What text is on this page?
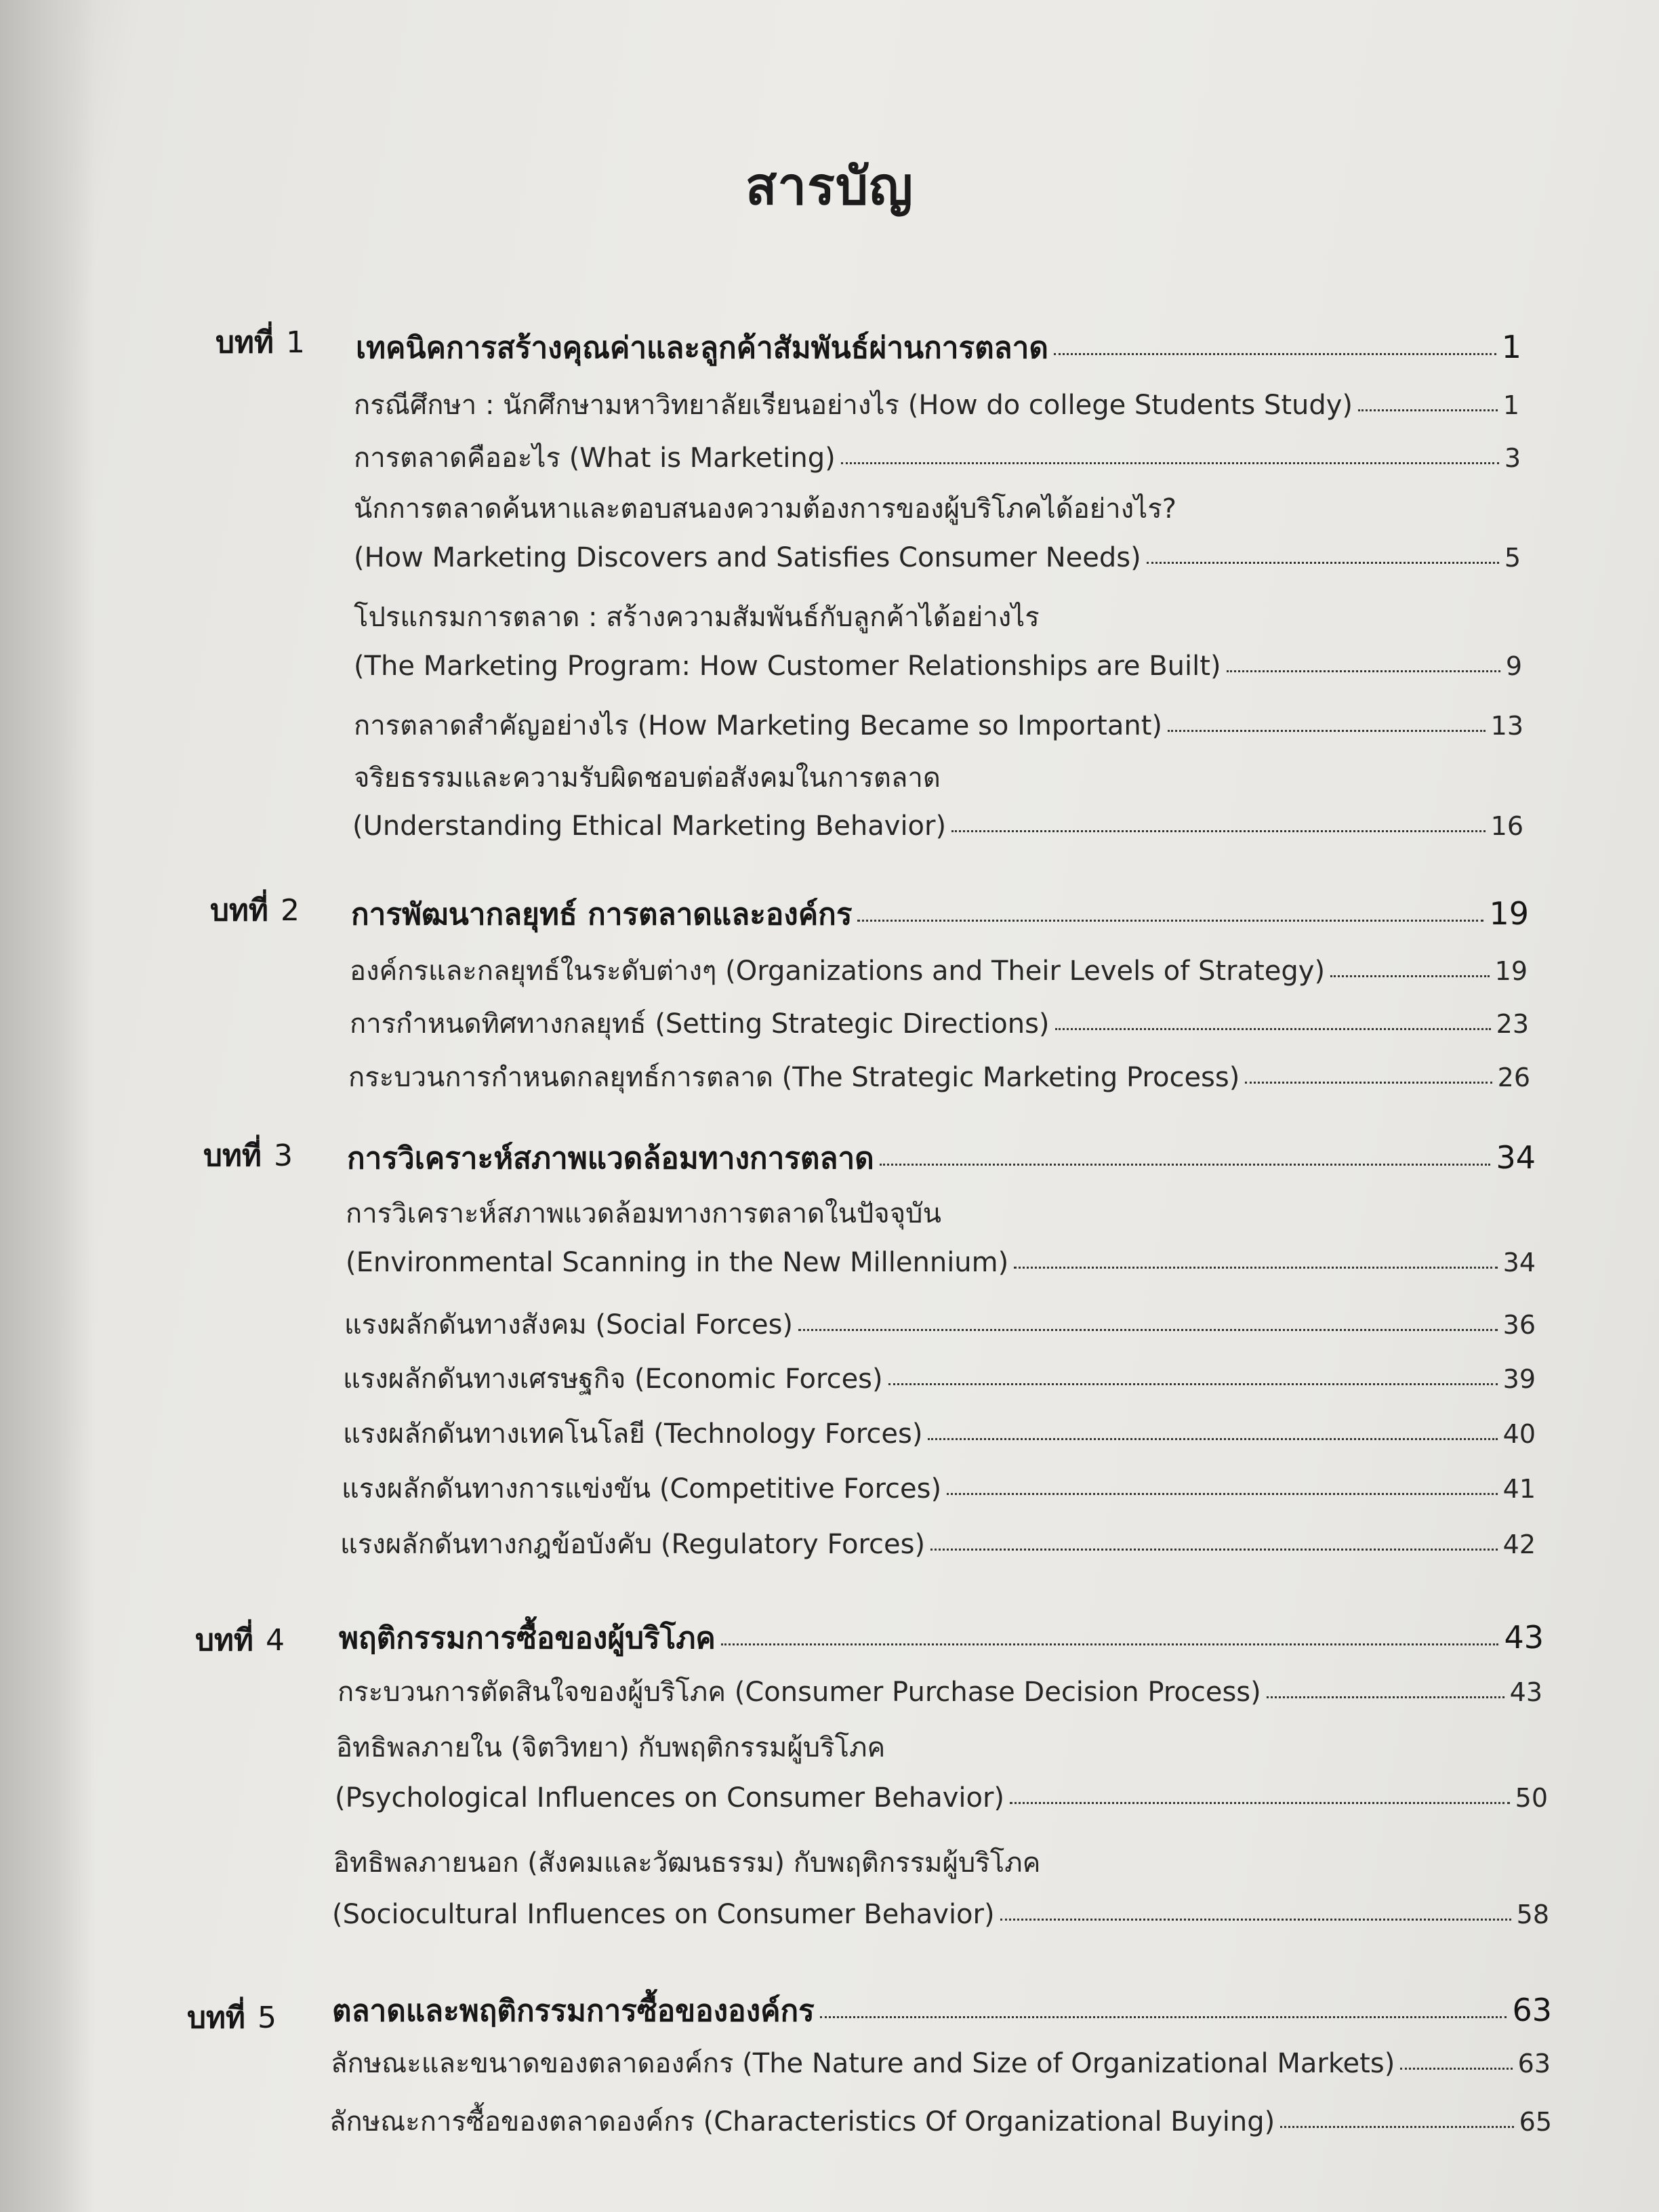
สารบัญ
บทที่ 1 เทคนิคการสร้างคุณค่าและลูกค้าสัมพันธ์ผ่านการตลาด	1
กรณีศึกษา : นักศึกษามหาวิทยาลัยเรียนอย่างไร (How do college Students Study)	1
การตลาดคืออะไร (What is Marketing)	3
นักการตลาดค้นหาและตอบสนองความต้องการของผู้บริโภคได้อย่างไร?
(How Marketing Discovers and Satisfies Consumer Needs)	5
โปรแกรมการตลาด : สร้างความสัมพันธ์กับลูกค้าได้อย่างไร
(The Marketing Program: How Customer Relationships are Built)	9
การตลาดสำคัญอย่างไร (How Marketing Became so Important)	13
จริยธรรมและความรับผิดชอบต่อสังคมในการตลาด
(Understanding Ethical Marketing Behavior)	16
บทที่ 2 การพัฒนากลยุทธ์ การตลาดและองค์กร	19
องค์กรและกลยุทธ์ในระดับต่างๆ (Organizations and Their Levels of Strategy)	19
การกำหนดทิศทางกลยุทธ์ (Setting Strategic Directions)	23
กระบวนการกำหนดกลยุทธ์การตลาด (The Strategic Marketing Process)	26
บทที่ 3 การวิเคราะห์สภาพแวดล้อมทางการตลาด	34
การวิเคราะห์สภาพแวดล้อมทางการตลาดในปัจจุบัน
(Environmental Scanning in the New Millennium)	34
แรงผลักดันทางสังคม (Social Forces)	36
แรงผลักดันทางเศรษฐกิจ (Economic Forces)	39
แรงผลักดันทางเทคโนโลยี (Technology Forces)	40
แรงผลักดันทางการแข่งขัน (Competitive Forces)	41
แรงผลักดันทางกฎข้อบังคับ (Regulatory Forces)	42
บทที่ 4 พฤติกรรมการซื้อของผู้บริโภค	43
กระบวนการตัดสินใจของผู้บริโภค (Consumer Purchase Decision Process)	43
อิทธิพลภายใน (จิตวิทยา) กับพฤติกรรมผู้บริโภค
(Psychological Influences on Consumer Behavior)	50
อิทธิพลภายนอก (สังคมและวัฒนธรรม) กับพฤติกรรมผู้บริโภค
(Sociocultural Influences on Consumer Behavior)	58
บทที่ 5 ตลาดและพฤติกรรมการซื้อขององค์กร	63
ลักษณะและขนาดของตลาดองค์กร (The Nature and Size of Organizational Markets)	63
ลักษณะการซื้อของตลาดองค์กร (Characteristics Of Organizational Buying)	65
